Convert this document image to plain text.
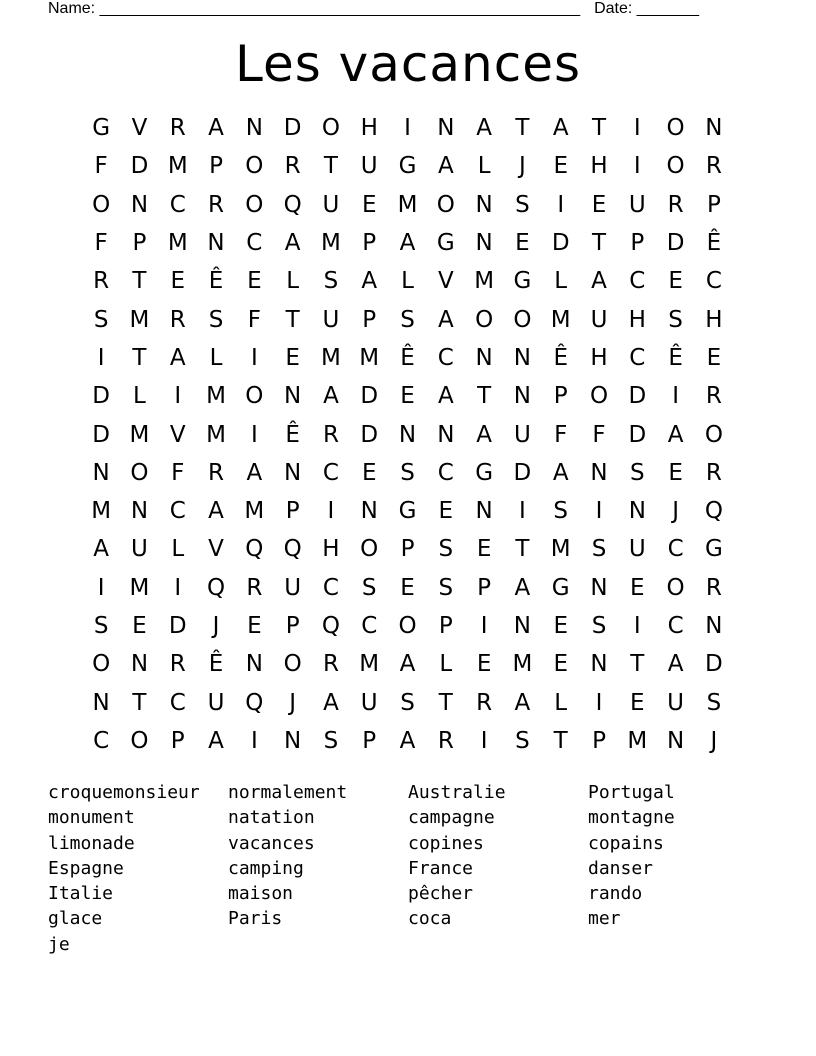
Name: ______________________________________________________ Date: _______
Les vacances
G V R A N D O H	I	N A	T	A	T	I	O N
F D M P O R	T U G A	L	J	E H	I	O R
O N C R O Q U E M O N S	I	E U R	P
F	P M N C A M P	A G N E D T	P D Ê
R	T	E	Ê	E	L	S	A	L	V M G L	A C	E C
S M R	S	F	T U P	S	A O O M U H S H
I	T	A	L	I	E M M Ê C N N Ê H C	Ê	E
D	L	I	M O N A D E	A	T N P O D	I	R
D M V M	I	Ê	R D N N A U	F	F D A O
N O F	R A N C	E	S C G D A N S	E	R
M N C A M P	I	N G E N	I	S	I	N	J	Q
A U	L	V Q Q H O P	S	E	T M S U C G
I	M	I	Q R U C S	E	S	P	A G N E O R
S	E D	J	E	P Q C O P	I	N E	S	I	C N
O N R	Ê N O R M A	L	E M E N T	A D
N T	C U Q	J	A U S	T	R A	L	I	E U S
C O P	A	I	N S	P	A R	I	S	T	P M N	J
croquemonsieur	normalement	Australie	Portugal
monument	natation	campagne	montagne
limonade	vacances	copines	copains
Espagne	camping	France	danser
Italie	maison	pêcher	rando
glace	Paris	coca	mer
je
